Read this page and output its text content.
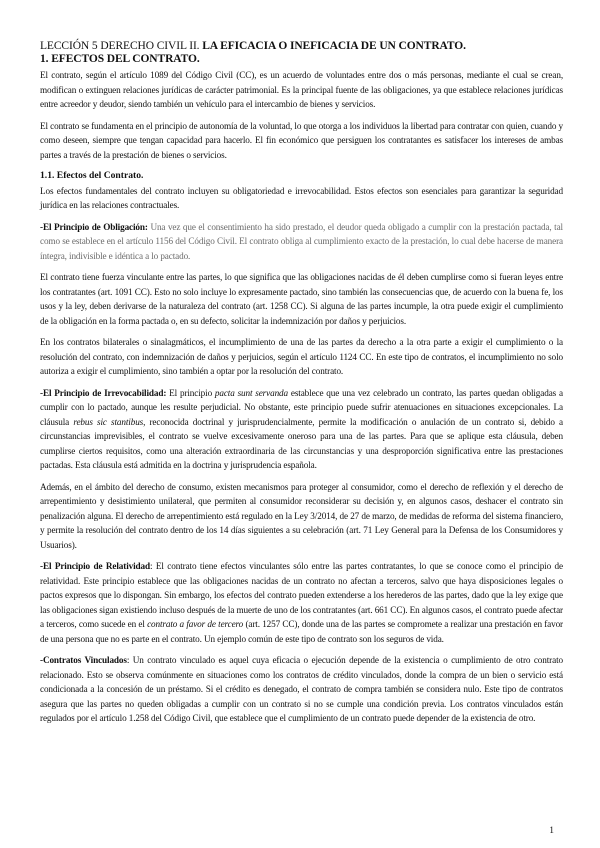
LECCIÓN 5 DERECHO CIVIL II. LA EFICACIA O INEFICACIA DE UN CONTRATO.
1. EFECTOS DEL CONTRATO.

El contrato, según el artículo 1089 del Código Civil (CC), es un acuerdo de voluntades entre dos o más personas, mediante el cual se crean, modifican o extinguen relaciones jurídicas de carácter patrimonial. Es la principal fuente de las obligaciones, ya que establece relaciones jurídicas entre acreedor y deudor, siendo también un vehículo para el intercambio de bienes y servicios.

El contrato se fundamenta en el principio de autonomía de la voluntad, lo que otorga a los individuos la libertad para contratar con quien, cuando y como deseen, siempre que tengan capacidad para hacerlo. El fin económico que persiguen los contratantes es satisfacer los intereses de ambas partes a través de la prestación de bienes o servicios.

1.1. Efectos del Contrato.

Los efectos fundamentales del contrato incluyen su obligatoriedad e irrevocabilidad. Estos efectos son esenciales para garantizar la seguridad jurídica en las relaciones contractuales.

-El Principio de Obligación: Una vez que el consentimiento ha sido prestado, el deudor queda obligado a cumplir con la prestación pactada, tal como se establece en el artículo 1156 del Código Civil. El contrato obliga al cumplimiento exacto de la prestación, lo cual debe hacerse de manera íntegra, indivisible e idéntica a lo pactado.

El contrato tiene fuerza vinculante entre las partes, lo que significa que las obligaciones nacidas de él deben cumplirse como si fueran leyes entre los contratantes (art. 1091 CC). Esto no solo incluye lo expresamente pactado, sino también las consecuencias que, de acuerdo con la buena fe, los usos y la ley, deben derivarse de la naturaleza del contrato (art. 1258 CC). Si alguna de las partes incumple, la otra puede exigir el cumplimiento de la obligación en la forma pactada o, en su defecto, solicitar la indemnización por daños y perjuicios.

En los contratos bilaterales o sinalagmáticos, el incumplimiento de una de las partes da derecho a la otra parte a exigir el cumplimiento o la resolución del contrato, con indemnización de daños y perjuicios, según el artículo 1124 CC. En este tipo de contratos, el incumplimiento no solo autoriza a exigir el cumplimiento, sino también a optar por la resolución del contrato.

-El Principio de Irrevocabilidad: El principio pacta sunt servanda establece que una vez celebrado un contrato, las partes quedan obligadas a cumplir con lo pactado, aunque les resulte perjudicial. No obstante, este principio puede sufrir atenuaciones en situaciones excepcionales. La cláusula rebus sic stantibus, reconocida doctrinal y jurisprudencialmente, permite la modificación o anulación de un contrato si, debido a circunstancias imprevisibles, el contrato se vuelve excesivamente oneroso para una de las partes. Para que se aplique esta cláusula, deben cumplirse ciertos requisitos, como una alteración extraordinaria de las circunstancias y una desproporción significativa entre las prestaciones pactadas. Esta cláusula está admitida en la doctrina y jurisprudencia española.

Además, en el ámbito del derecho de consumo, existen mecanismos para proteger al consumidor, como el derecho de reflexión y el derecho de arrepentimiento y desistimiento unilateral, que permiten al consumidor reconsiderar su decisión y, en algunos casos, deshacer el contrato sin penalización alguna. El derecho de arrepentimiento está regulado en la Ley 3/2014, de 27 de marzo, de medidas de reforma del sistema financiero, y permite la resolución del contrato dentro de los 14 días siguientes a su celebración (art. 71 Ley General para la Defensa de los Consumidores y Usuarios).

-El Principio de Relatividad: El contrato tiene efectos vinculantes sólo entre las partes contratantes, lo que se conoce como el principio de relatividad. Este principio establece que las obligaciones nacidas de un contrato no afectan a terceros, salvo que haya disposiciones legales o pactos expresos que lo dispongan. Sin embargo, los efectos del contrato pueden extenderse a los herederos de las partes, dado que la ley exige que las obligaciones sigan existiendo incluso después de la muerte de uno de los contratantes (art. 661 CC). En algunos casos, el contrato puede afectar a terceros, como sucede en el contrato a favor de tercero (art. 1257 CC), donde una de las partes se compromete a realizar una prestación en favor de una persona que no es parte en el contrato. Un ejemplo común de este tipo de contrato son los seguros de vida.

-Contratos Vinculados: Un contrato vinculado es aquel cuya eficacia o ejecución depende de la existencia o cumplimiento de otro contrato relacionado. Esto se observa comúnmente en situaciones como los contratos de crédito vinculados, donde la compra de un bien o servicio está condicionada a la concesión de un préstamo. Si el crédito es denegado, el contrato de compra también se considera nulo. Este tipo de contratos asegura que las partes no queden obligadas a cumplir con un contrato si no se cumple una condición previa. Los contratos vinculados están regulados por el artículo 1.258 del Código Civil, que establece que el cumplimiento de un contrato puede depender de la existencia de otro.

1
